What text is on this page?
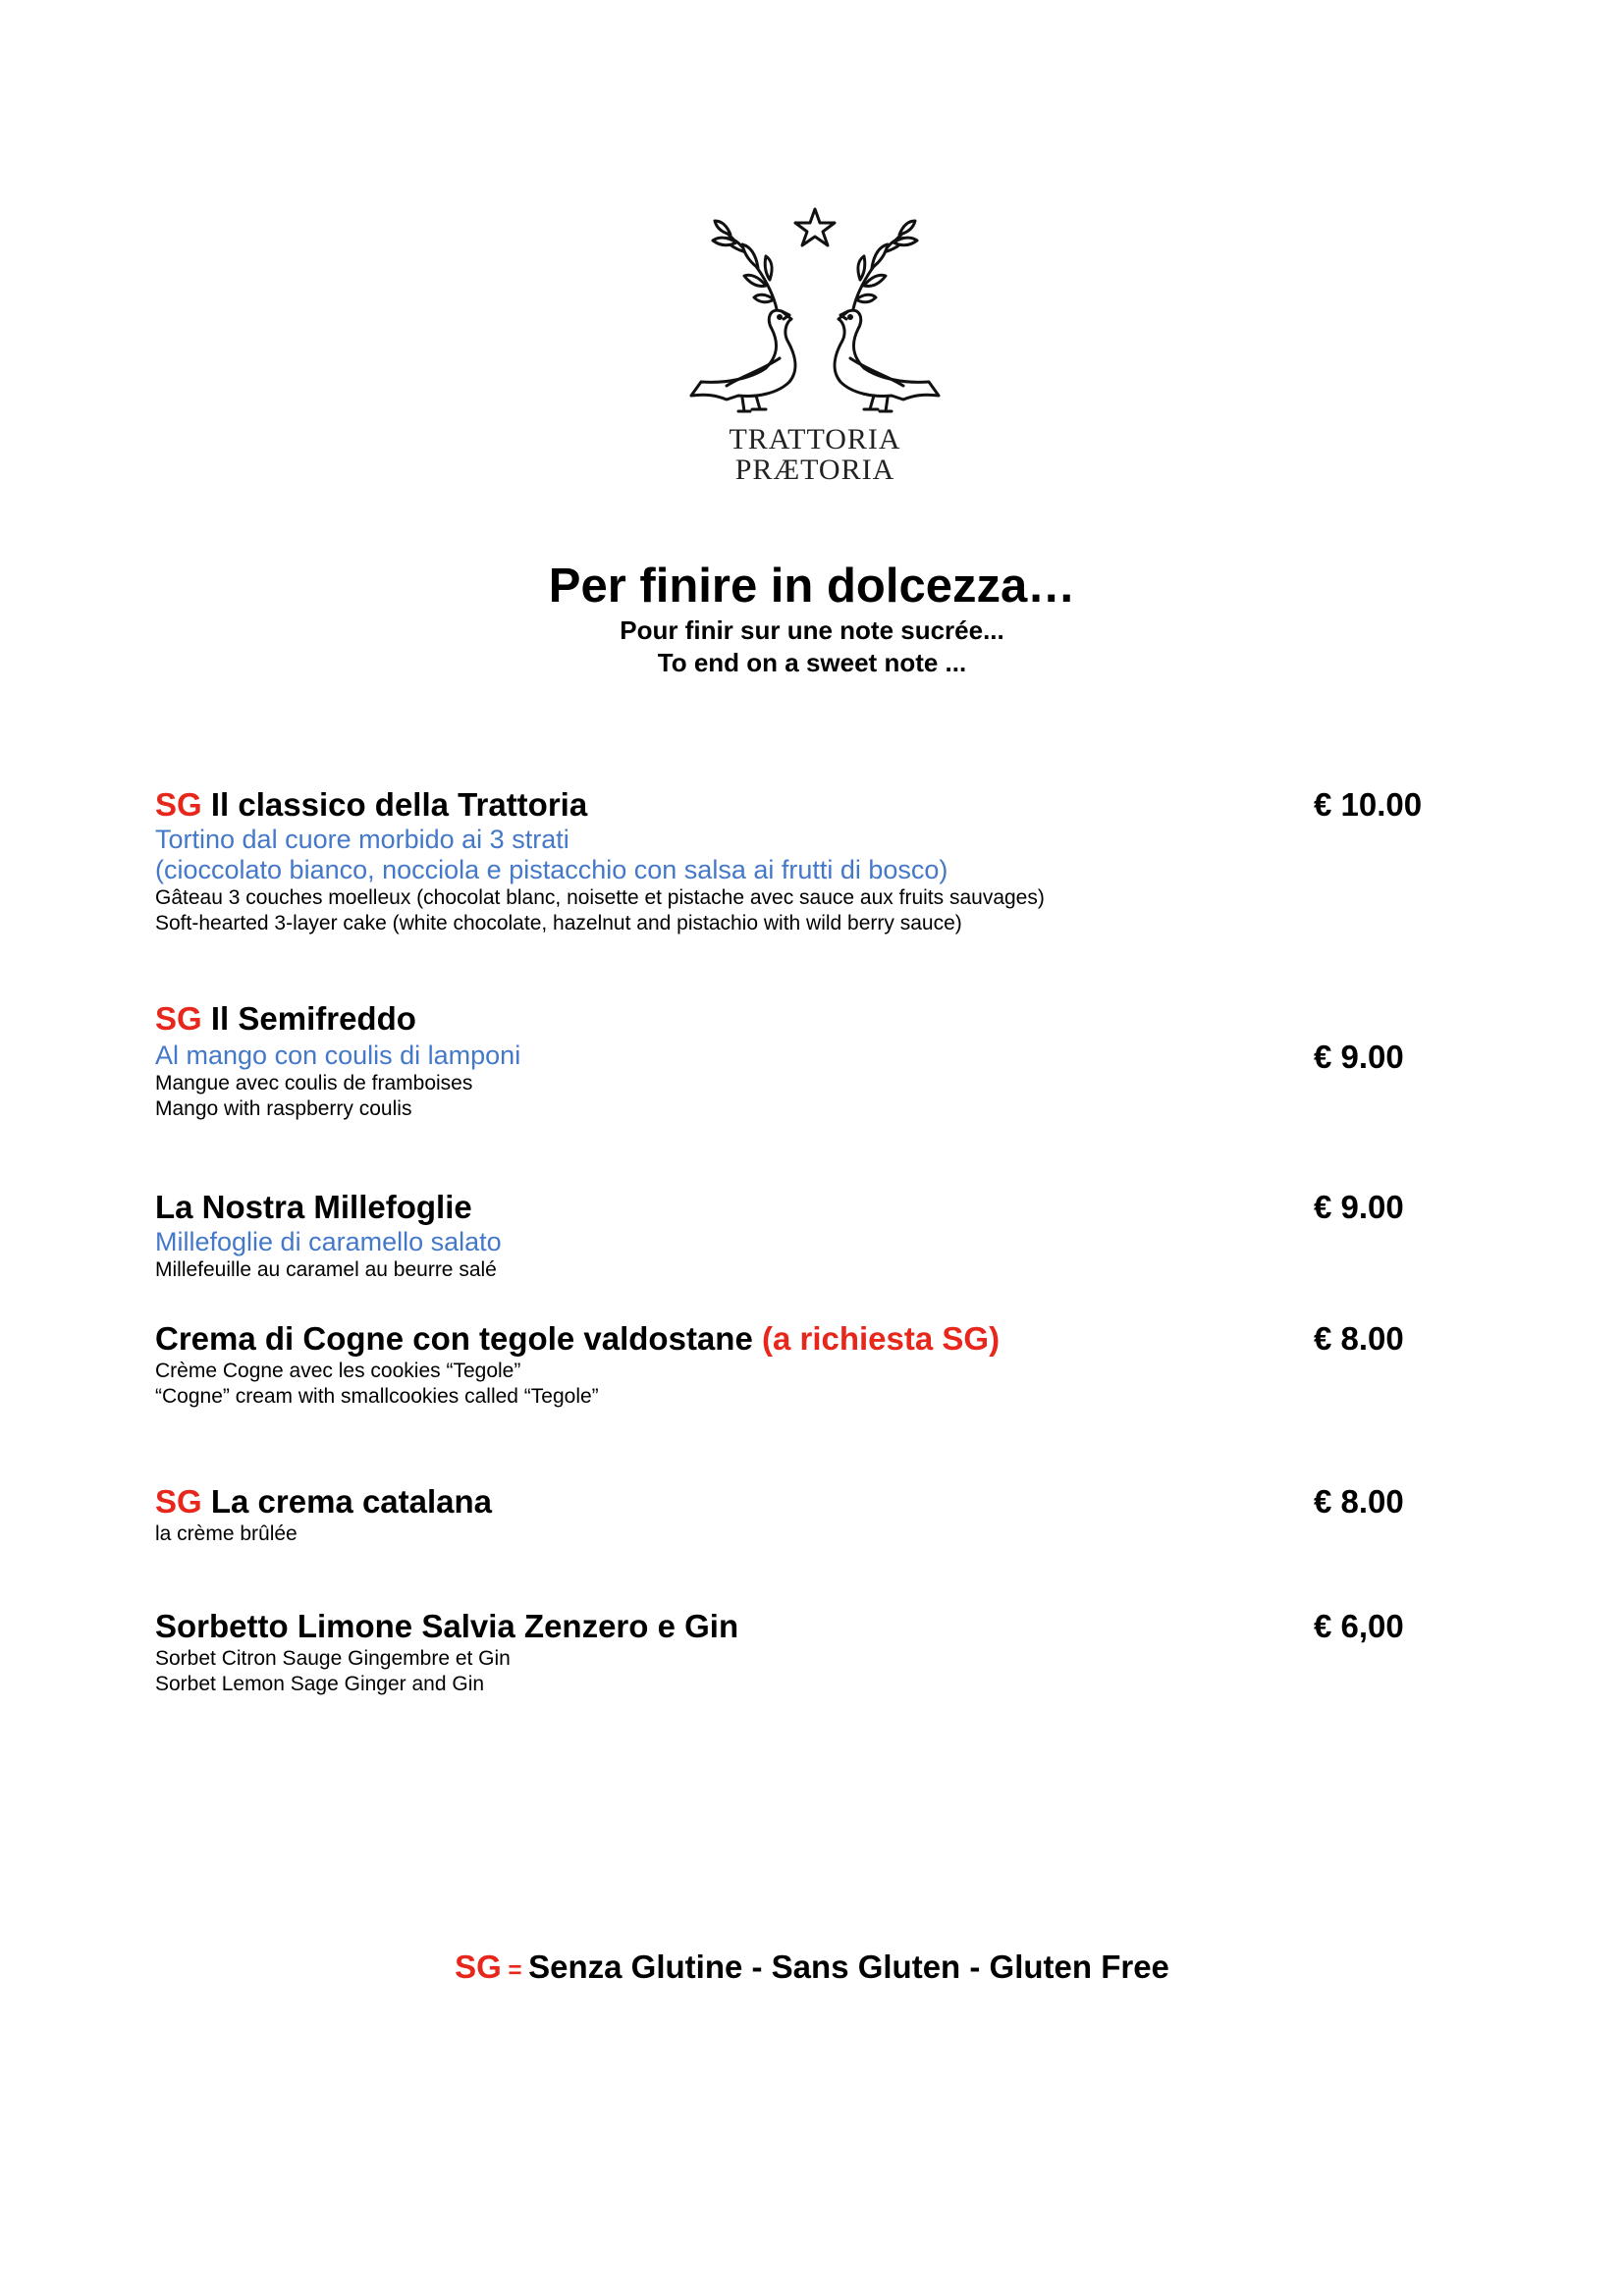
TRATTORIA
PRÆTORIA
Per finire in dolcezza…
Pour finir sur une note sucrée...
To end on a sweet note ...
SG Il classico della Trattoria
Tortino dal cuore morbido ai 3 strati
(cioccolato bianco, nocciola e pistacchio con salsa ai frutti di bosco)
Gâteau 3 couches moelleux (chocolat blanc, noisette et pistache avec sauce aux fruits sauvages)
Soft-hearted 3-layer cake (white chocolate, hazelnut and pistachio with wild berry sauce)
€ 10.00
SG Il Semifreddo
Al mango con coulis di lamponi
Mangue avec coulis de framboises
Mango with raspberry coulis
€ 9.00
La Nostra Millefoglie
Millefoglie di caramello salato
Millefeuille au caramel au beurre salé
€ 9.00
Crema di Cogne con tegole valdostane (a richiesta SG)
Crème Cogne avec les cookies “Tegole”
“Cogne” cream with smallcookies called “Tegole”
€ 8.00
SG La crema catalana
la crème brûlée
€ 8.00
Sorbetto Limone Salvia Zenzero e Gin
Sorbet Citron Sauge Gingembre et Gin
Sorbet Lemon Sage Ginger and Gin
€ 6,00
SG = Senza Glutine - Sans Gluten - Gluten Free
